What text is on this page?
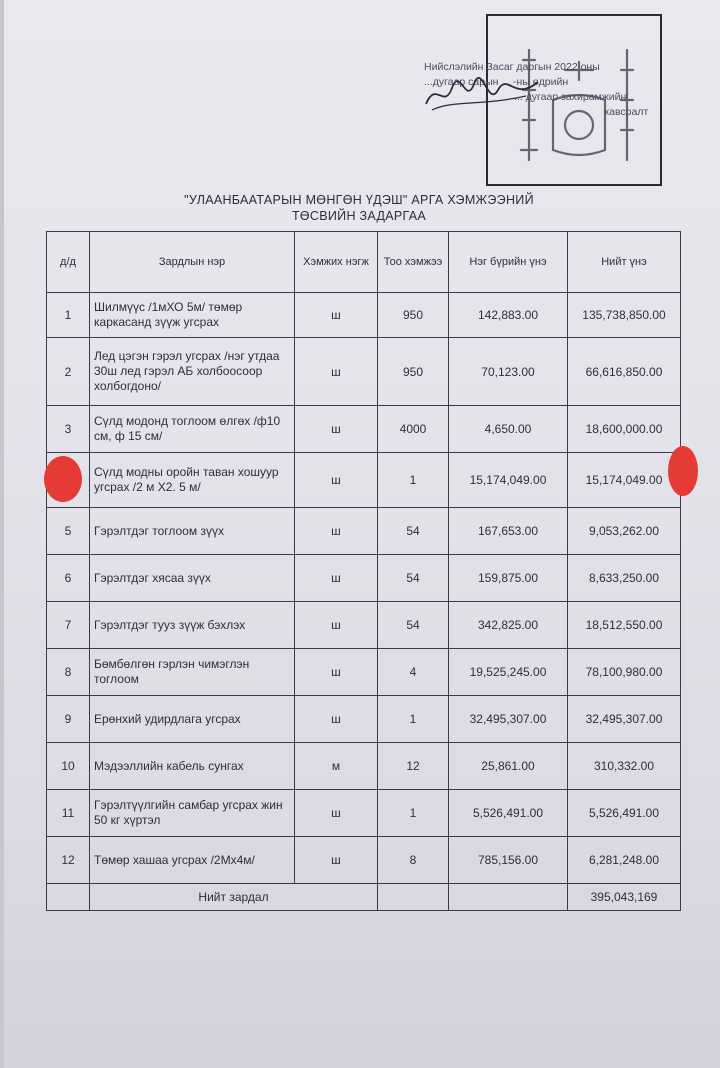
Нийслэлийн Засаг даргын 2022 оны
...дугаар сарын ... -ны өдрийн
... дугаар захирамжийн
хавсралт
"УЛААНБААТАРЫН МӨНГӨН ҮДЭШ" АРГА ХЭМЖЭЭНИЙ
ТӨСВИЙН ЗАДАРГАА
д/д	Зардлын нэр	Хэмжих нэгж	Тоо хэмжээ	Нэг бүрийн үнэ	Нийт үнэ
1	Шилмүүс /1мХО 5м/ төмөр каркасанд зүүж угсрах	ш	950	142,883.00	135,738,850.00
2	Лед цэгэн гэрэл угсрах /нэг утдаа 30ш лед гэрэл АБ холбоосоор холбогдоно/	ш	950	70,123.00	66,616,850.00
3	Сүлд модонд тоглоом өлгөх /ф10 см, ф 15 см/	ш	4000	4,650.00	18,600,000.00
	Сүлд модны оройн таван хошуур угсрах /2 м X2. 5 м/	ш	1	15,174,049.00	15,174,049.00
5	Гэрэлтдэг тоглоом зүүх	ш	54	167,653.00	9,053,262.00
6	Гэрэлтдэг хясаа зүүх	ш	54	159,875.00	8,633,250.00
7	Гэрэлтдэг тууз зүүж бэхлэх	ш	54	342,825.00	18,512,550.00
8	Бөмбөлгөн гэрлэн чимэглэн тоглоом	ш	4	19,525,245.00	78,100,980.00
9	Ерөнхий удирдлага угсрах	ш	1	32,495,307.00	32,495,307.00
10	Мэдээллийн кабель сунгах	м	12	25,861.00	310,332.00
11	Гэрэлтүүлгийн самбар угсрах жин 50 кг хүртэл	ш	1	5,526,491.00	5,526,491.00
12	Төмөр хашаа угсрах /2Мх4м/	ш	8	785,156.00	6,281,248.00
	Нийт зардал				395,043,169
